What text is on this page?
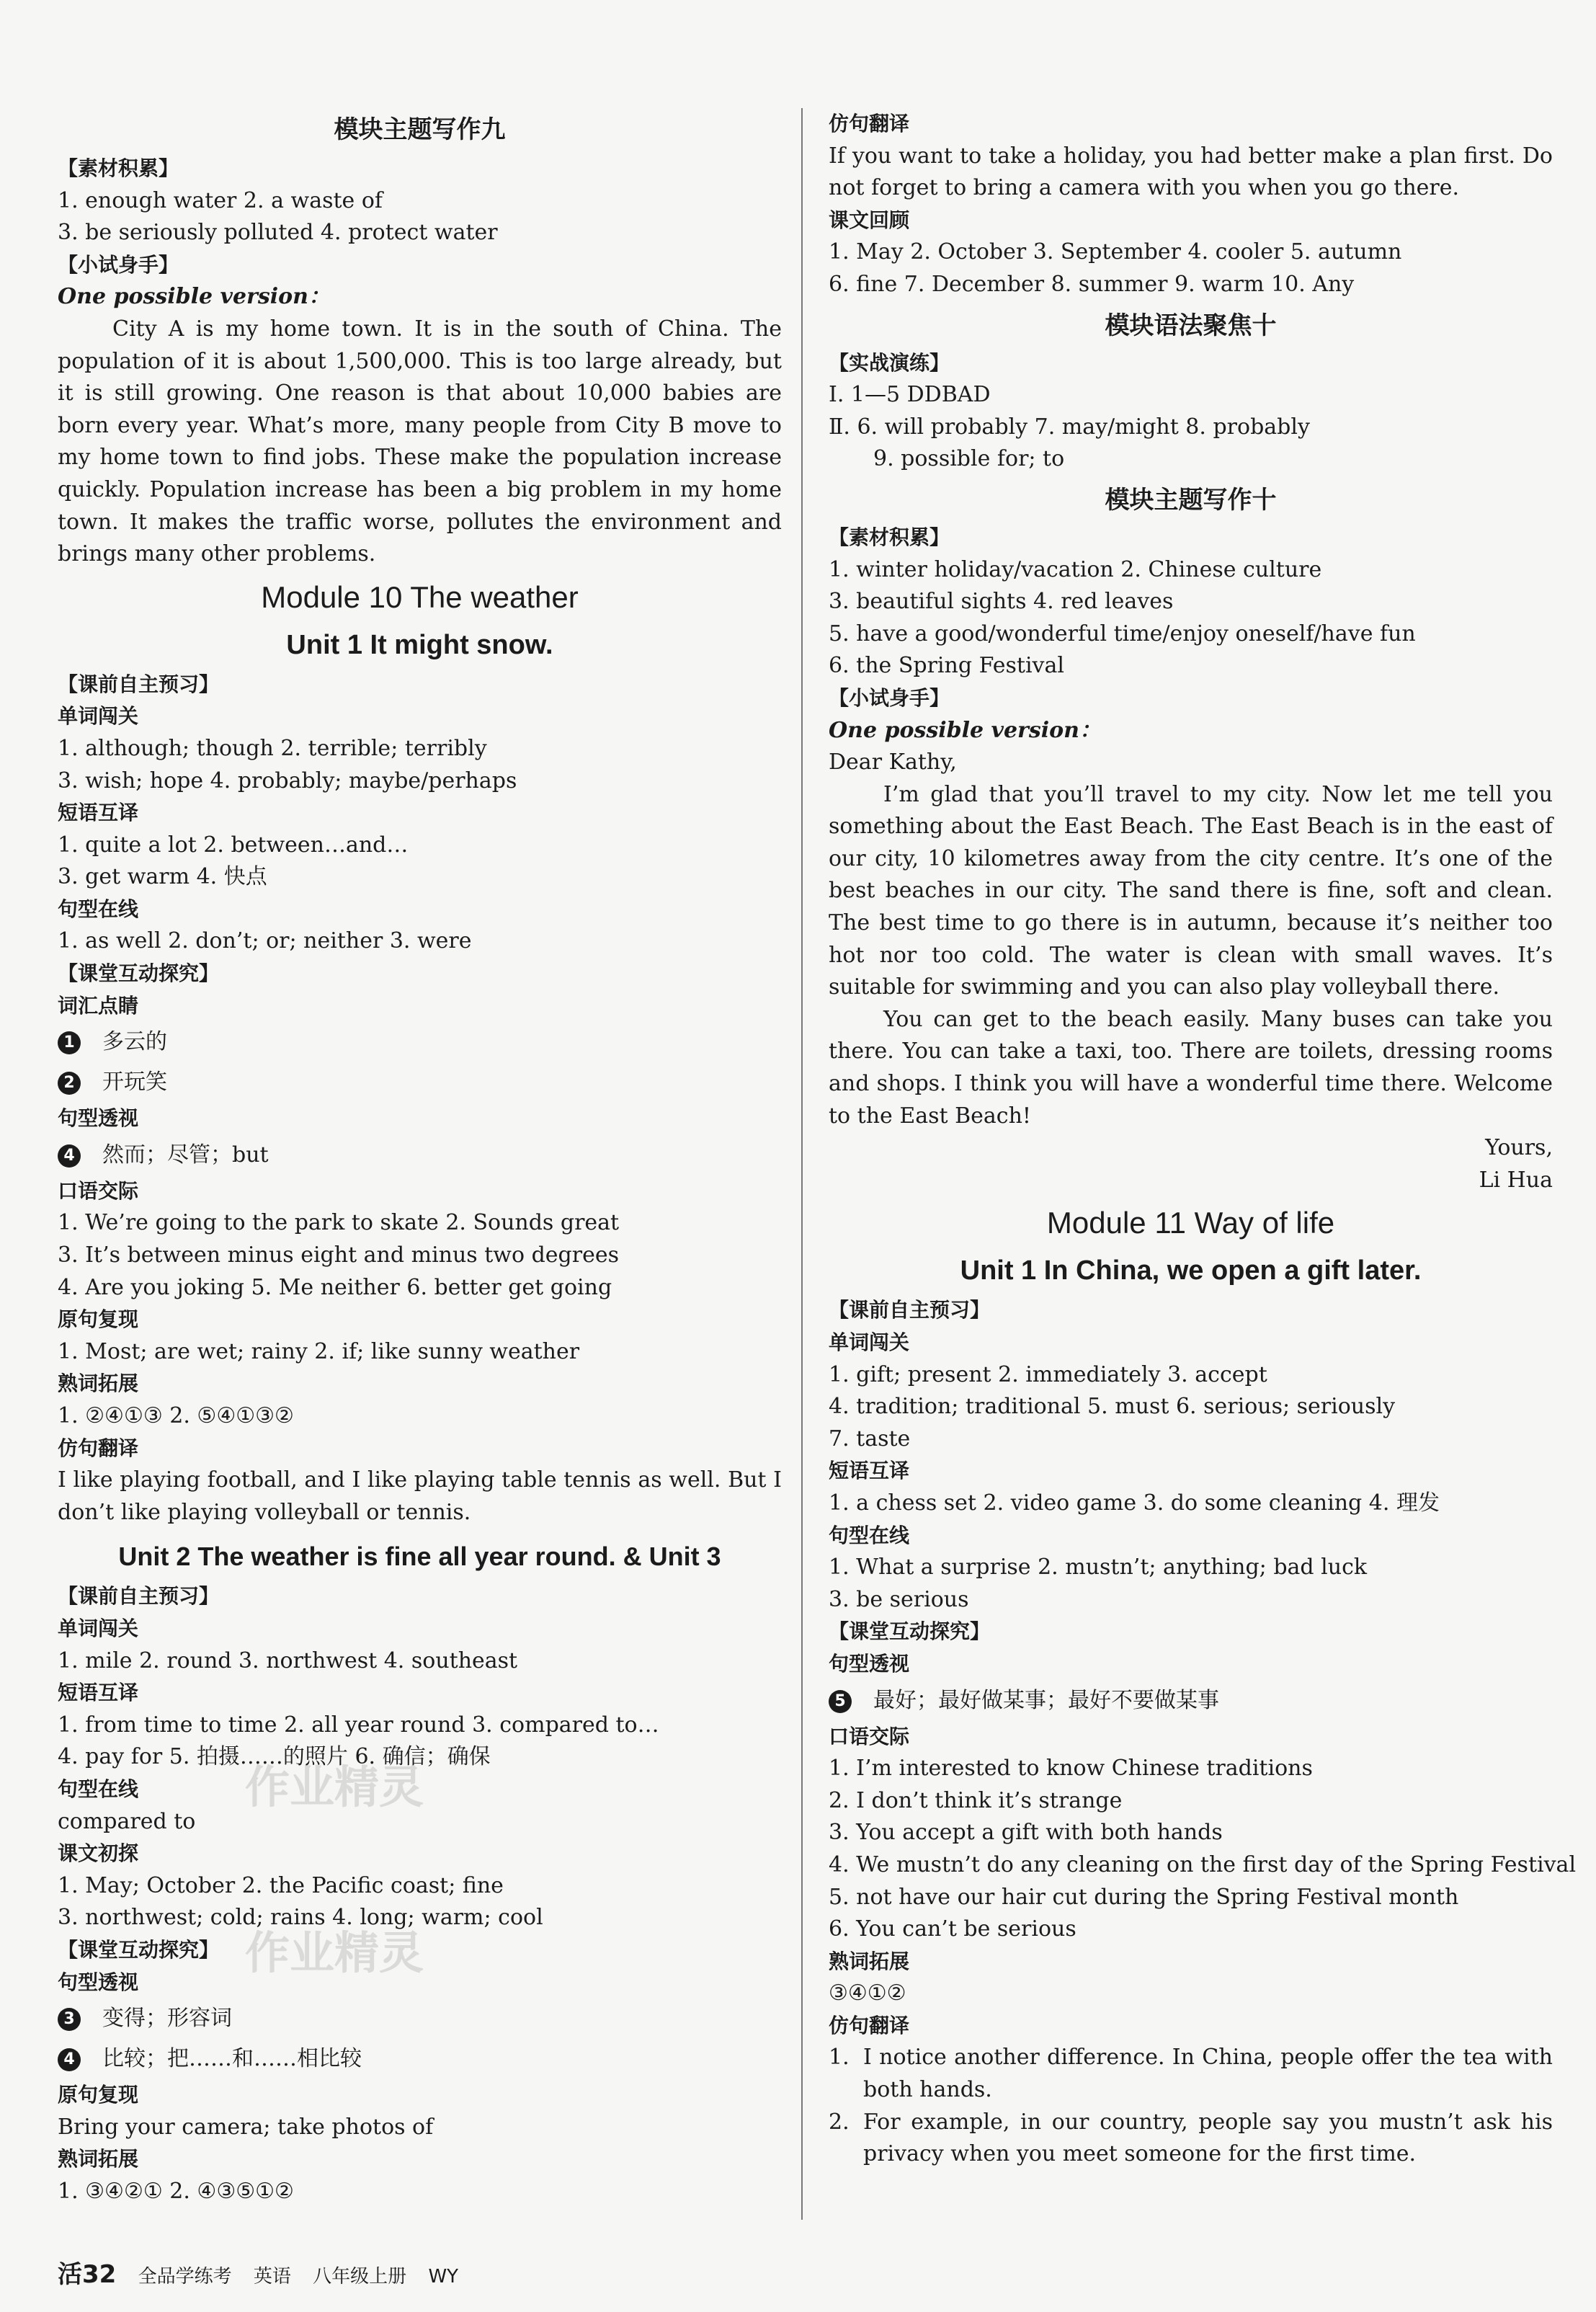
作业精灵
作业精灵
模块主题写作九
【素材积累】
1. enough water 2. a waste of
3. be seriously polluted 4. protect water
【小试身手】
One possible version：
City A is my home town. It is in the south of China. The population of it is about 1,500,000. This is too large already, but it is still growing. One reason is that about 10,000 babies are born every year. What’s more, many people from City B move to my home town to find jobs. These make the population increase quickly. Population increase has been a big problem in my home town. It makes the traffic worse, pollutes the environment and brings many other problems.
Module 10 The weather
Unit 1 It might snow.
【课前自主预习】
单词闯关
1. although; though 2. terrible; terribly
3. wish; hope 4. probably; maybe/perhaps
短语互译
1. quite a lot 2. between…and…
3. get warm 4. 快点
句型在线
1. as well 2. don’t; or; neither 3. were
【课堂互动探究】
词汇点睛
1 多云的
2 开玩笑
句型透视
4 然而；尽管；but
口语交际
1. We’re going to the park to skate 2. Sounds great
3. It’s between minus eight and minus two degrees
4. Are you joking 5. Me neither 6. better get going
原句复现
1. Most; are wet; rainy 2. if; like sunny weather
熟词拓展
1. ②④①③ 2. ⑤④①③②
仿句翻译
I like playing football, and I like playing table tennis as well. But I don’t like playing volleyball or tennis.
Unit 2 The weather is fine all year round. & Unit 3
【课前自主预习】
单词闯关
1. mile 2. round 3. northwest 4. southeast
短语互译
1. from time to time 2. all year round 3. compared to…
4. pay for 5. 拍摄……的照片 6. 确信；确保
句型在线
compared to
课文初探
1. May; October 2. the Pacific coast; fine
3. northwest; cold; rains 4. long; warm; cool
【课堂互动探究】
句型透视
3 变得；形容词
4 比较；把……和……相比较
原句复现
Bring your camera; take photos of
熟词拓展
1. ③④②① 2. ④③⑤①②
仿句翻译
If you want to take a holiday, you had better make a plan first. Do not forget to bring a camera with you when you go there.
课文回顾
1. May 2. October 3. September 4. cooler 5. autumn
6. fine 7. December 8. summer 9. warm 10. Any
模块语法聚焦十
【实战演练】
Ⅰ. 1—5 DDBAD
Ⅱ. 6. will probably 7. may/might 8. probably
9. possible for; to
模块主题写作十
【素材积累】
1. winter holiday/vacation 2. Chinese culture
3. beautiful sights 4. red leaves
5. have a good/wonderful time/enjoy oneself/have fun
6. the Spring Festival
【小试身手】
One possible version：
Dear Kathy,
I’m glad that you’ll travel to my city. Now let me tell you something about the East Beach. The East Beach is in the east of our city, 10 kilometres away from the city centre. It’s one of the best beaches in our city. The sand there is fine, soft and clean. The best time to go there is in autumn, because it’s neither too hot nor too cold. The water is clean with small waves. It’s suitable for swimming and you can also play volleyball there.
You can get to the beach easily. Many buses can take you there. You can take a taxi, too. There are toilets, dressing rooms and shops. I think you will have a wonderful time there. Welcome to the East Beach!
Yours,
Li Hua
Module 11 Way of life
Unit 1 In China, we open a gift later.
【课前自主预习】
单词闯关
1. gift; present 2. immediately 3. accept
4. tradition; traditional 5. must 6. serious; seriously
7. taste
短语互译
1. a chess set 2. video game 3. do some cleaning 4. 理发
句型在线
1. What a surprise 2. mustn’t; anything; bad luck
3. be serious
【课堂互动探究】
句型透视
5 最好；最好做某事；最好不要做某事
口语交际
1. I’m interested to know Chinese traditions
2. I don’t think it’s strange
3. You accept a gift with both hands
4. We mustn’t do any cleaning on the first day of the Spring Festival
5. not have our hair cut during the Spring Festival month
6. You can’t be serious
熟词拓展
③④①②
仿句翻译
1. I notice another difference. In China, people offer the tea with both hands.
2. For example, in our country, people say you mustn’t ask his privacy when you meet someone for the first time.
活32 全品学练考 英语 八年级上册 WY
